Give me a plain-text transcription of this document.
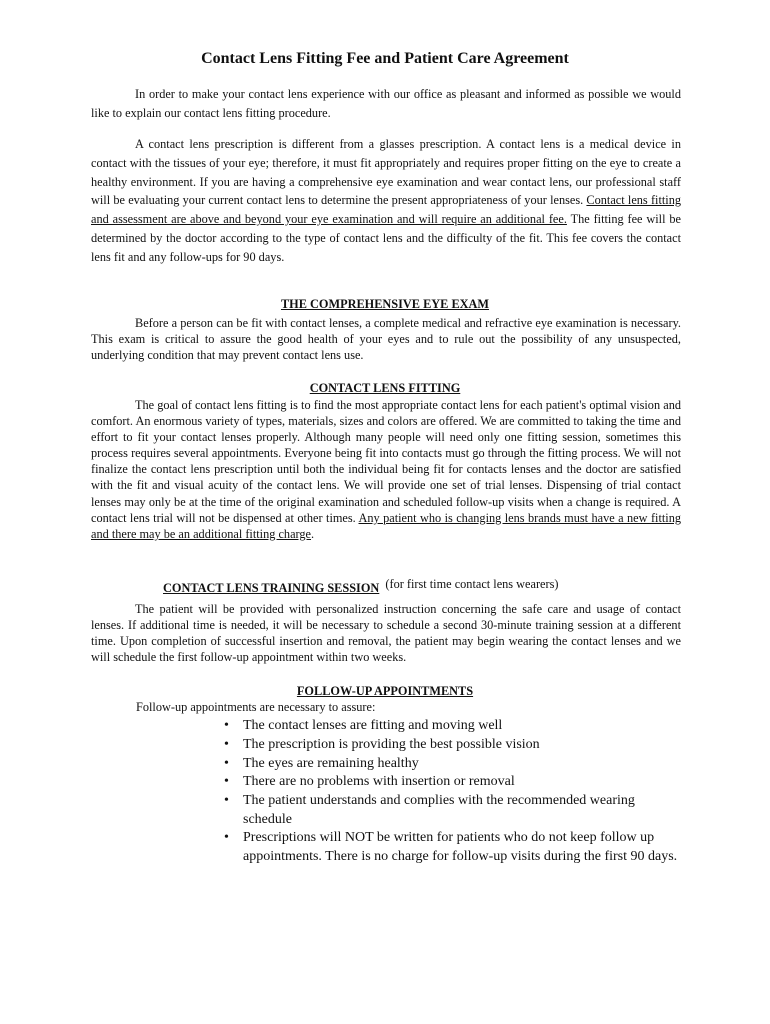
Contact Lens Fitting Fee and Patient Care Agreement

In order to make your contact lens experience with our office as pleasant and informed as possible we would like to explain our contact lens fitting procedure.

A contact lens prescription is different from a glasses prescription. A contact lens is a medical device in contact with the tissues of your eye; therefore, it must fit appropriately and requires proper fitting on the eye to create a healthy environment. If you are having a comprehensive eye examination and wear contact lens, our professional staff will be evaluating your current contact lens to determine the present appropriateness of your lenses. Contact lens fitting and assessment are above and beyond your eye examination and will require an additional fee. The fitting fee will be determined by the doctor according to the type of contact lens and the difficulty of the fit. This fee covers the contact lens fit and any follow-ups for 90 days.

THE COMPREHENSIVE EYE EXAM

Before a person can be fit with contact lenses, a complete medical and refractive eye examination is necessary. This exam is critical to assure the good health of your eyes and to rule out the possibility of any unsuspected, underlying condition that may prevent contact lens use.

CONTACT LENS FITTING

The goal of contact lens fitting is to find the most appropriate contact lens for each patient's optimal vision and comfort. An enormous variety of types, materials, sizes and colors are offered. We are committed to taking the time and effort to fit your contact lenses properly. Although many people will need only one fitting session, sometimes this process requires several appointments. Everyone being fit into contacts must go through the fitting process. We will not finalize the contact lens prescription until both the individual being fit for contacts lenses and the doctor are satisfied with the fit and visual acuity of the contact lens. We will provide one set of trial lenses. Dispensing of trial contact lenses may only be at the time of the original examination and scheduled follow-up visits when a change is required. A contact lens trial will not be dispensed at other times. Any patient who is changing lens brands must have a new fitting and there may be an additional fitting charge.

CONTACT LENS TRAINING SESSION (for first time contact lens wearers)

The patient will be provided with personalized instruction concerning the safe care and usage of contact lenses. If additional time is needed, it will be necessary to schedule a second 30-minute training session at a different time. Upon completion of successful insertion and removal, the patient may begin wearing the contact lenses and we will schedule the first follow-up appointment within two weeks.

FOLLOW-UP APPOINTMENTS
Follow-up appointments are necessary to assure:
• The contact lenses are fitting and moving well
• The prescription is providing the best possible vision
• The eyes are remaining healthy
• There are no problems with insertion or removal
• The patient understands and complies with the recommended wearing schedule
• Prescriptions will NOT be written for patients who do not keep follow up appointments. There is no charge for follow-up visits during the first 90 days.
